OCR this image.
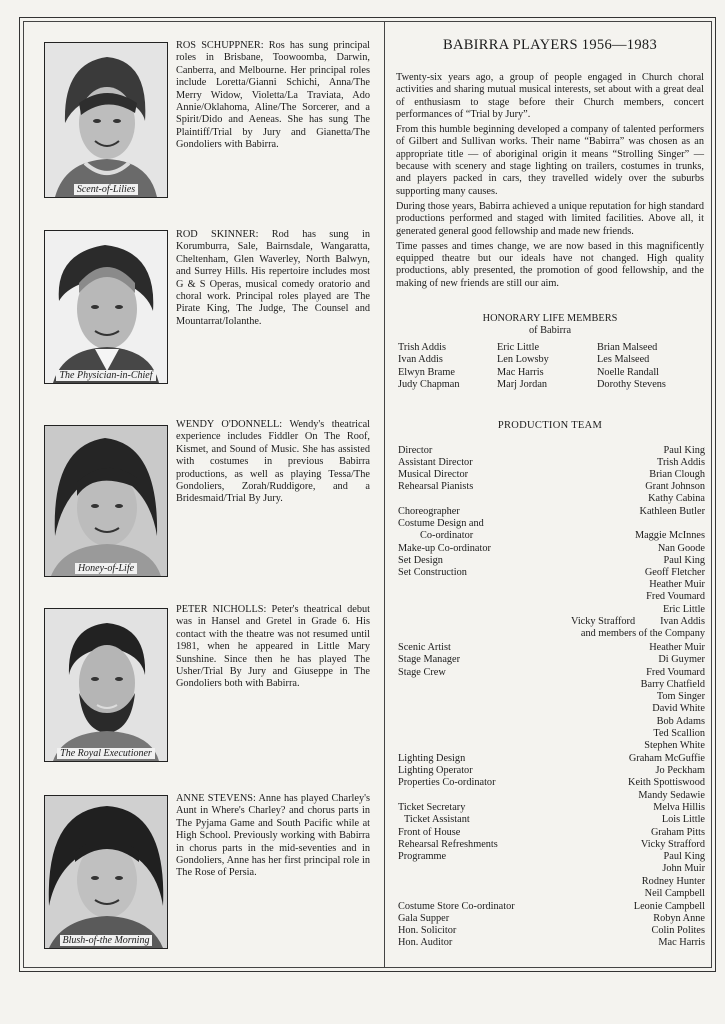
Scent-of-Lilies
The Physician-in-Chief
Honey-of-Life
The Royal Executioner
Blush-of-the Morning
ROS SCHUPPNER: Ros has sung principal roles in Brisbane, Toowoomba, Darwin, Canberra, and Melbourne. Her principal roles include Loretta/Gianni Schichi, Anna/The Merry Widow, Violetta/La Traviata, Ado Annie/Oklahoma, Aline/The Sorcerer, and a Spirit/Dido and Aeneas. She has sung The Plaintiff/Trial by Jury and Gianetta/The Gondoliers with Babirra.
ROD SKINNER: Rod has sung in Korumburra, Sale, Bairnsdale, Wangaratta, Cheltenham, Glen Waverley, North Balwyn, and Surrey Hills. His repertoire includes most G & S Operas, musical comedy oratorio and choral work. Principal roles played are The Pirate King, The Judge, The Counsel and Mountarrat/Iolanthe.
WENDY O'DONNELL: Wendy's theatrical experience includes Fiddler On The Roof, Kismet, and Sound of Music. She has assisted with costumes in previous Babirra productions, as well as playing Tessa/The Gondoliers, Zorah/Ruddigore, and a Bridesmaid/Trial By Jury.
PETER NICHOLLS: Peter's theatrical debut was in Hansel and Gretel in Grade 6. His contact with the theatre was not resumed until 1981, when he appeared in Little Mary Sunshine. Since then he has played The Usher/Trial By Jury and Giuseppe in The Gondoliers both with Babirra.
ANNE STEVENS: Anne has played Charley's Aunt in Where's Charley? and chorus parts in The Pyjama Game and South Pacific while at High School. Previously working with Babirra in chorus parts in the mid-seventies and in Gondoliers, Anne has her first principal role in The Rose of Persia.
BABIRRA PLAYERS 1956—1983

Twenty-six years ago, a group of people engaged in Church choral activities and sharing mutual musical interests, set about with a great deal of enthusiasm to stage before their Church members, concert performances of “Trial by Jury”.

From this humble beginning developed a company of talented performers of Gilbert and Sullivan works. Their name “Babirra” was chosen as an appropriate title — of aboriginal origin it means “Strolling Singer” — because with scenery and stage lighting on trailers, costumes in trunks, and players packed in cars, they travelled widely over the suburbs supporting many causes.

During those years, Babirra achieved a unique reputation for high standard productions performed and staged with limited facilities. Above all, it generated general good fellowship and made new friends.

Time passes and times change, we are now based in this magnificently equipped theatre but our ideals have not changed. High quality productions, ably presented, the promotion of good fellowship, and the making of new friends are still our aim.

HONORARY LIFE MEMBERS
of Babirra
Trish Addis
Ivan Addis
Elwyn Brame
Judy Chapman
Eric Little
Len Lowsby
Mac Harris
Marj Jordan
Brian Malseed
Les Malseed
Noelle Randall
Dorothy Stevens
PRODUCTION TEAM
Director
Assistant Director
Musical Director
Rehearsal Pianists
Choreographer
Costume Design and
Co-ordinator
Make-up Co-ordinator
Set Design
Set Construction
Scenic Artist
Stage Manager
Stage Crew
Lighting Design
Lighting Operator
Properties Co-ordinator
Ticket Secretary
Ticket Assistant
Front of House
Rehearsal Refreshments
Programme
Costume Store Co-ordinator
Gala Supper
Hon. Solicitor
Hon. Auditor
Paul King
Trish Addis
Brian Clough
Grant Johnson
Kathy Cabina
Kathleen Butler
Maggie McInnes
Nan Goode
Paul King
Geoff Fletcher
Heather Muir
Fred Voumard
Eric Little
Vicky Strafford Ivan Addis
and members of the Company
Heather Muir
Di Guymer
Fred Voumard
Barry Chatfield
Tom Singer
David White
Bob Adams
Ted Scallion
Stephen White
Graham McGuffie
Jo Peckham
Keith Spottiswood
Mandy Sedawie
Melva Hillis
Lois Little
Graham Pitts
Vicky Strafford
Paul King
John Muir
Rodney Hunter
Neil Campbell
Leonie Campbell
Robyn Anne
Colin Polites
Mac Harris
